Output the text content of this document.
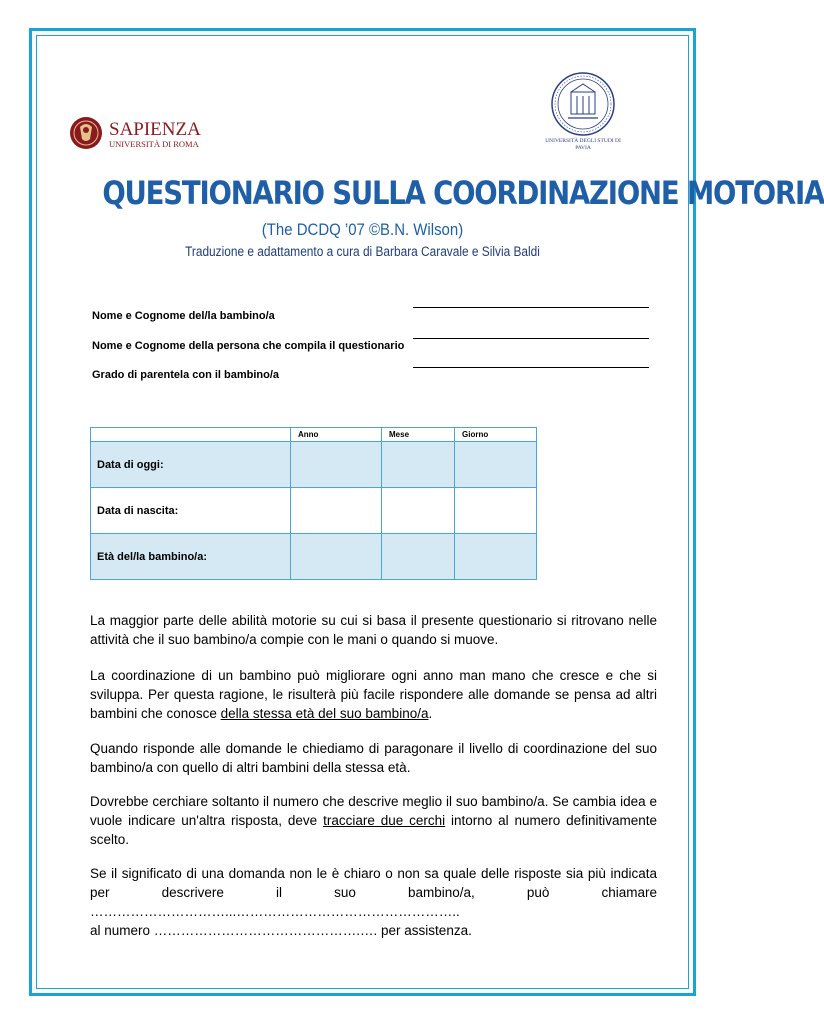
SAPIENZA
UNIVERSITÀ DI ROMA	UNIVERSITÀ DEGLI STUDI DI PAVIA
QUESTIONARIO SULLA COORDINAZIONE MOTORIA
(The DCDQ ’07 ©B.N. Wilson)
Traduzione e adattamento a cura di Barbara Caravale e Silvia Baldi
Nome e Cognome del/la bambino/a
Nome e Cognome della persona che compila il questionario
Grado di parentela con il bambino/a
	Anno	Mese	Giorno
Data di oggi:			
Data di nascita:			
Età del/la bambino/a:			
La maggior parte delle abilità motorie su cui si basa il presente questionario si ritrovano nelle attività che il suo bambino/a compie con le mani o quando si muove.
La coordinazione di un bambino può migliorare ogni anno man mano che cresce e che si sviluppa. Per questa ragione, le risulterà più facile rispondere alle domande se pensa ad altri bambini che conosce della stessa età del suo bambino/a.
Quando risponde alle domande le chiediamo di paragonare il livello di coordinazione del suo bambino/a con quello di altri bambini della stessa età.
Dovrebbe cerchiare soltanto il numero che descrive meglio il suo bambino/a. Se cambia idea e vuole indicare un'altra risposta, deve tracciare due cerchi intorno al numero definitivamente scelto.
Se il significato di una domanda non le è chiaro o non sa quale delle risposte sia più indicata per descrivere il suo bambino/a, può chiamare …………………………...…………………………………………..
al numero ……………………………………….…. per assistenza.
